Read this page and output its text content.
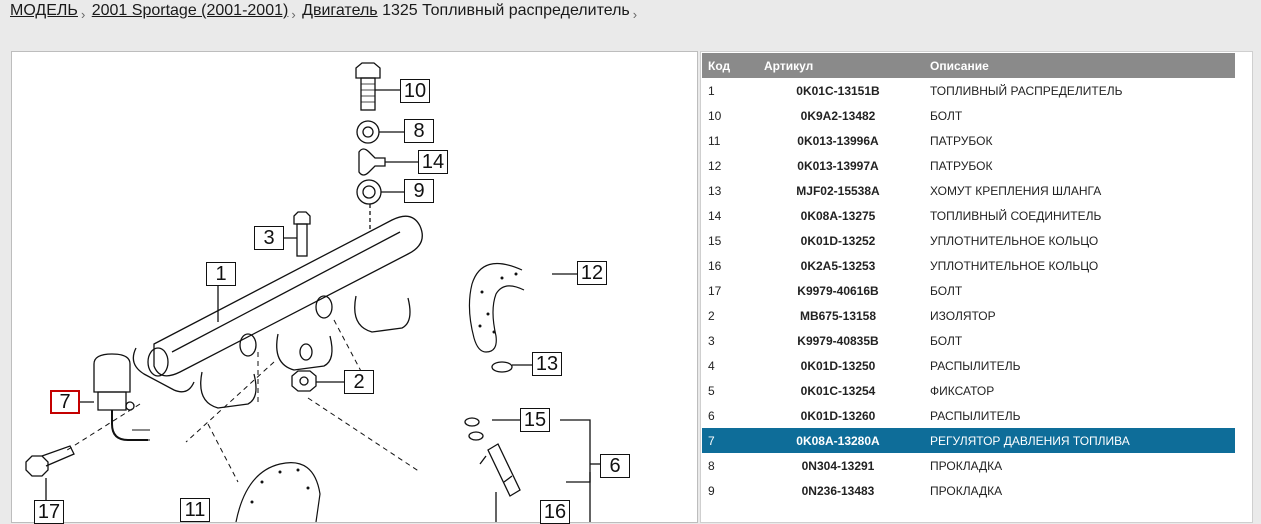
МОДЕЛЬ $_›$ 2001 Sportage (2001-2001) $_›$ Двигатель 1325 Топливный распределитель $_›$
10
8
14
9
3
1	12
2
13
7
15
6
17	11	16
Код	Артикул	Описание
1	0K01C-13151B	ТОПЛИВНЫЙ РАСПРЕДЕЛИТЕЛЬ
10	0K9A2-13482	БОЛТ
11	0K013-13996A	ПАТРУБОК
12	0K013-13997A	ПАТРУБОК
13	MJF02-15538A	ХОМУТ КРЕПЛЕНИЯ ШЛАНГА
14	0K08A-13275	ТОПЛИВНЫЙ СОЕДИНИТЕЛЬ
15	0K01D-13252	УПЛОТНИТЕЛЬНОЕ КОЛЬЦО
16	0K2A5-13253	УПЛОТНИТЕЛЬНОЕ КОЛЬЦО
17	K9979-40616B	БОЛТ
2	MB675-13158	ИЗОЛЯТОР
3	K9979-40835B	БОЛТ
4	0K01D-13250	РАСПЫЛИТЕЛЬ
5	0K01C-13254	ФИКСАТОР
6	0K01D-13260	РАСПЫЛИТЕЛЬ
7	0K08A-13280A	РЕГУЛЯТОР ДАВЛЕНИЯ ТОПЛИВА
8	0N304-13291	ПРОКЛАДКА
9	0N236-13483	ПРОКЛАДКА
